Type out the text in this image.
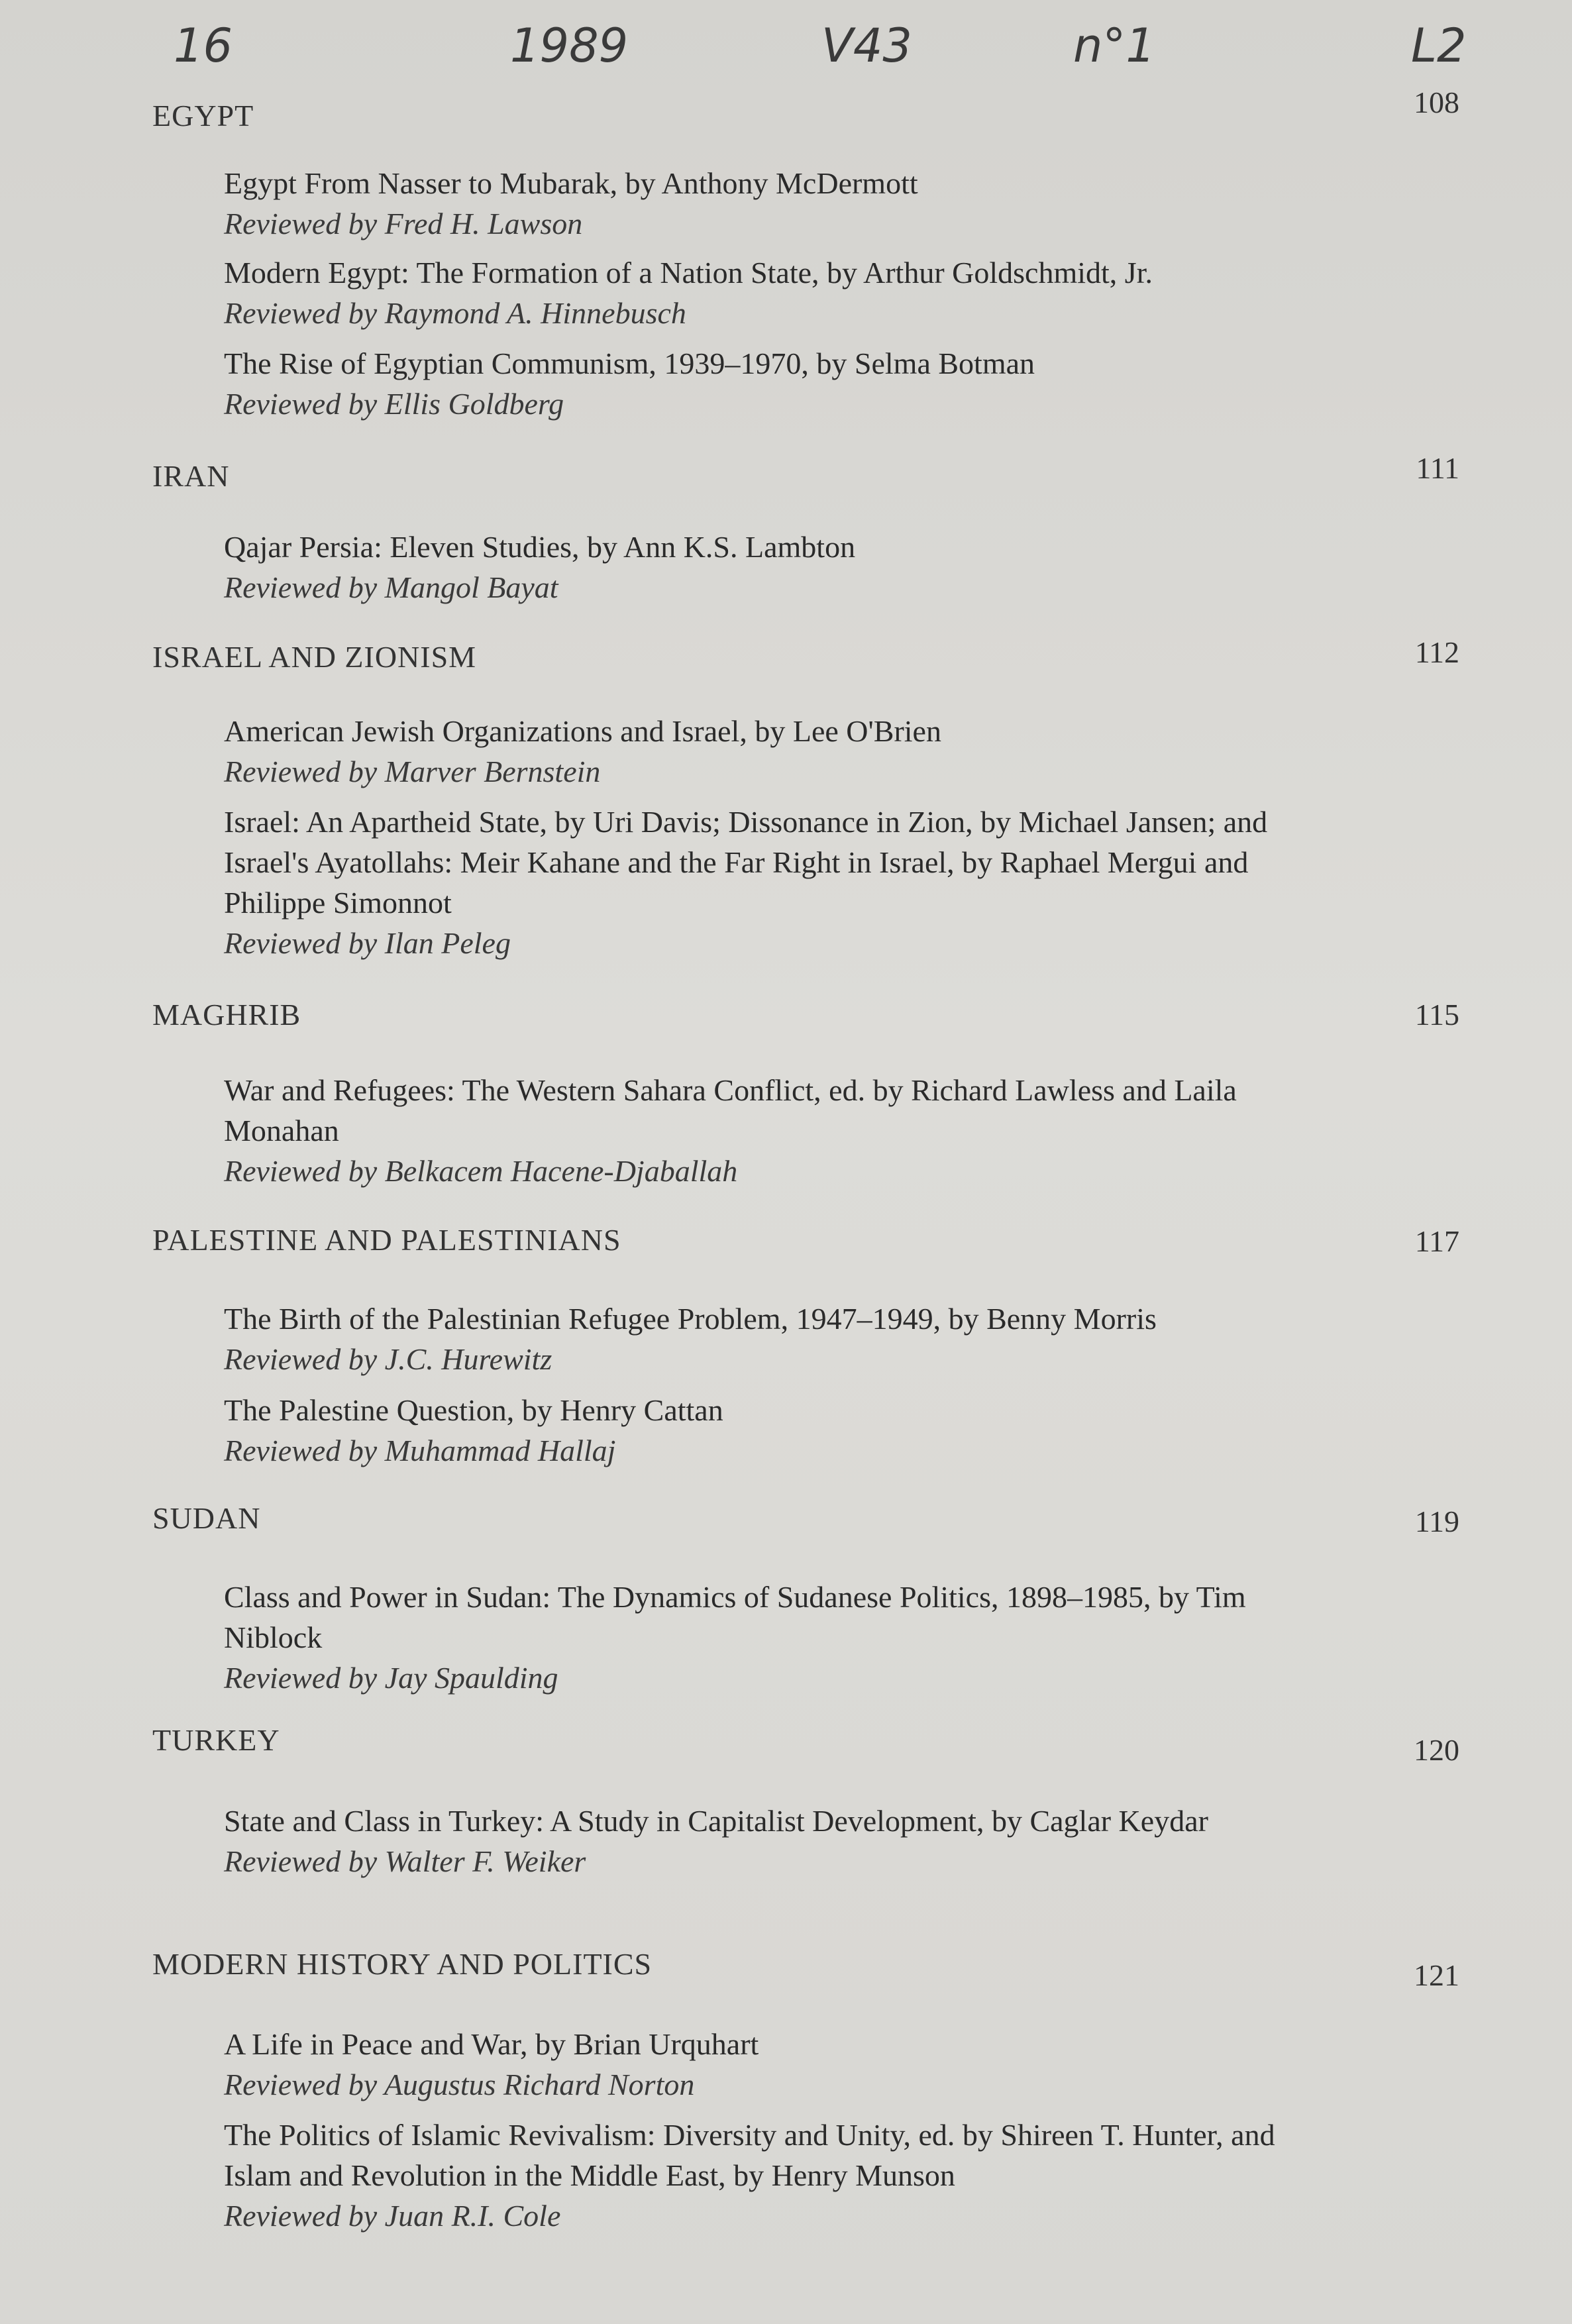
16	1989	V43	n°1	L2
EGYPT	108
Egypt From Nasser to Mubarak, by Anthony McDermott
Reviewed by Fred H. Lawson
Modern Egypt: The Formation of a Nation State, by Arthur Goldschmidt, Jr.
Reviewed by Raymond A. Hinnebusch
The Rise of Egyptian Communism, 1939–1970, by Selma Botman
Reviewed by Ellis Goldberg
IRAN	111
Qajar Persia: Eleven Studies, by Ann K.S. Lambton
Reviewed by Mangol Bayat
ISRAEL AND ZIONISM	112
American Jewish Organizations and Israel, by Lee O'Brien
Reviewed by Marver Bernstein
Israel: An Apartheid State, by Uri Davis; Dissonance in Zion, by Michael Jansen; and Israel's Ayatollahs: Meir Kahane and the Far Right in Israel, by Raphael Mergui and Philippe Simonnot
Reviewed by Ilan Peleg
MAGHRIB	115
War and Refugees: The Western Sahara Conflict, ed. by Richard Lawless and Laila Monahan
Reviewed by Belkacem Hacene-Djaballah
PALESTINE AND PALESTINIANS	117
The Birth of the Palestinian Refugee Problem, 1947–1949, by Benny Morris
Reviewed by J.C. Hurewitz
The Palestine Question, by Henry Cattan
Reviewed by Muhammad Hallaj
SUDAN	119
Class and Power in Sudan: The Dynamics of Sudanese Politics, 1898–1985, by Tim Niblock
Reviewed by Jay Spaulding
TURKEY	120
State and Class in Turkey: A Study in Capitalist Development, by Caglar Keydar
Reviewed by Walter F. Weiker
MODERN HISTORY AND POLITICS	121
A Life in Peace and War, by Brian Urquhart
Reviewed by Augustus Richard Norton
The Politics of Islamic Revivalism: Diversity and Unity, ed. by Shireen T. Hunter, and Islam and Revolution in the Middle East, by Henry Munson
Reviewed by Juan R.I. Cole
